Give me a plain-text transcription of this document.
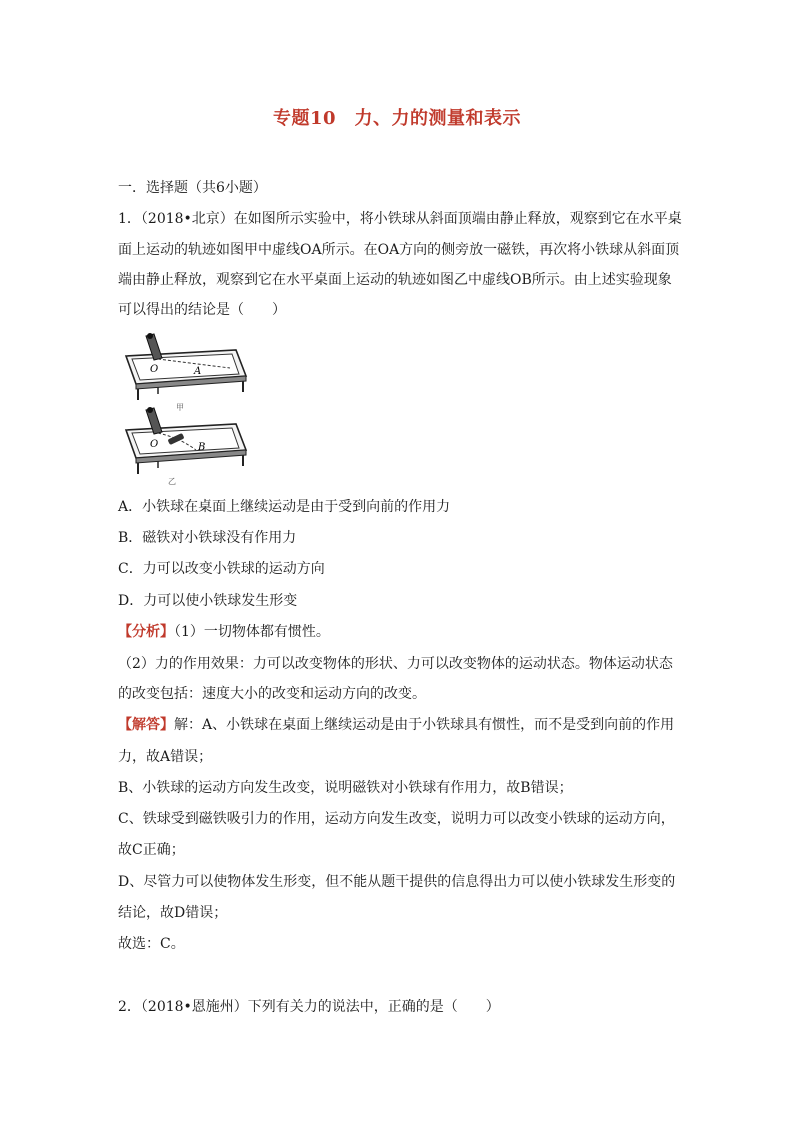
专题10　力、力的测量和表示
一．选择题（共6小题）
1．（2018•北京）在如图所示实验中，将小铁球从斜面顶端由静止释放，观察到它在水平桌
面上运动的轨迹如图甲中虚线OA所示。在OA方向的侧旁放一磁铁，再次将小铁球从斜面顶
端由静止释放，观察到它在水平桌面上运动的轨迹如图乙中虚线OB所示。由上述实验现象
可以得出的结论是（　　）
O	A
甲
O	B
乙
A．小铁球在桌面上继续运动是由于受到向前的作用力
B．磁铁对小铁球没有作用力
C．力可以改变小铁球的运动方向
D．力可以使小铁球发生形变
【分析】（1）一切物体都有惯性。
（2）力的作用效果：力可以改变物体的形状、力可以改变物体的运动状态。物体运动状态
的改变包括：速度大小的改变和运动方向的改变。
【解答】解：A、小铁球在桌面上继续运动是由于小铁球具有惯性，而不是受到向前的作用
力，故A错误；
B、小铁球的运动方向发生改变，说明磁铁对小铁球有作用力，故B错误；
C、铁球受到磁铁吸引力的作用，运动方向发生改变，说明力可以改变小铁球的运动方向，
故C正确；
D、尽管力可以使物体发生形变，但不能从题干提供的信息得出力可以使小铁球发生形变的
结论，故D错误；
故选：C。
2．（2018•恩施州）下列有关力的说法中，正确的是（　　）
